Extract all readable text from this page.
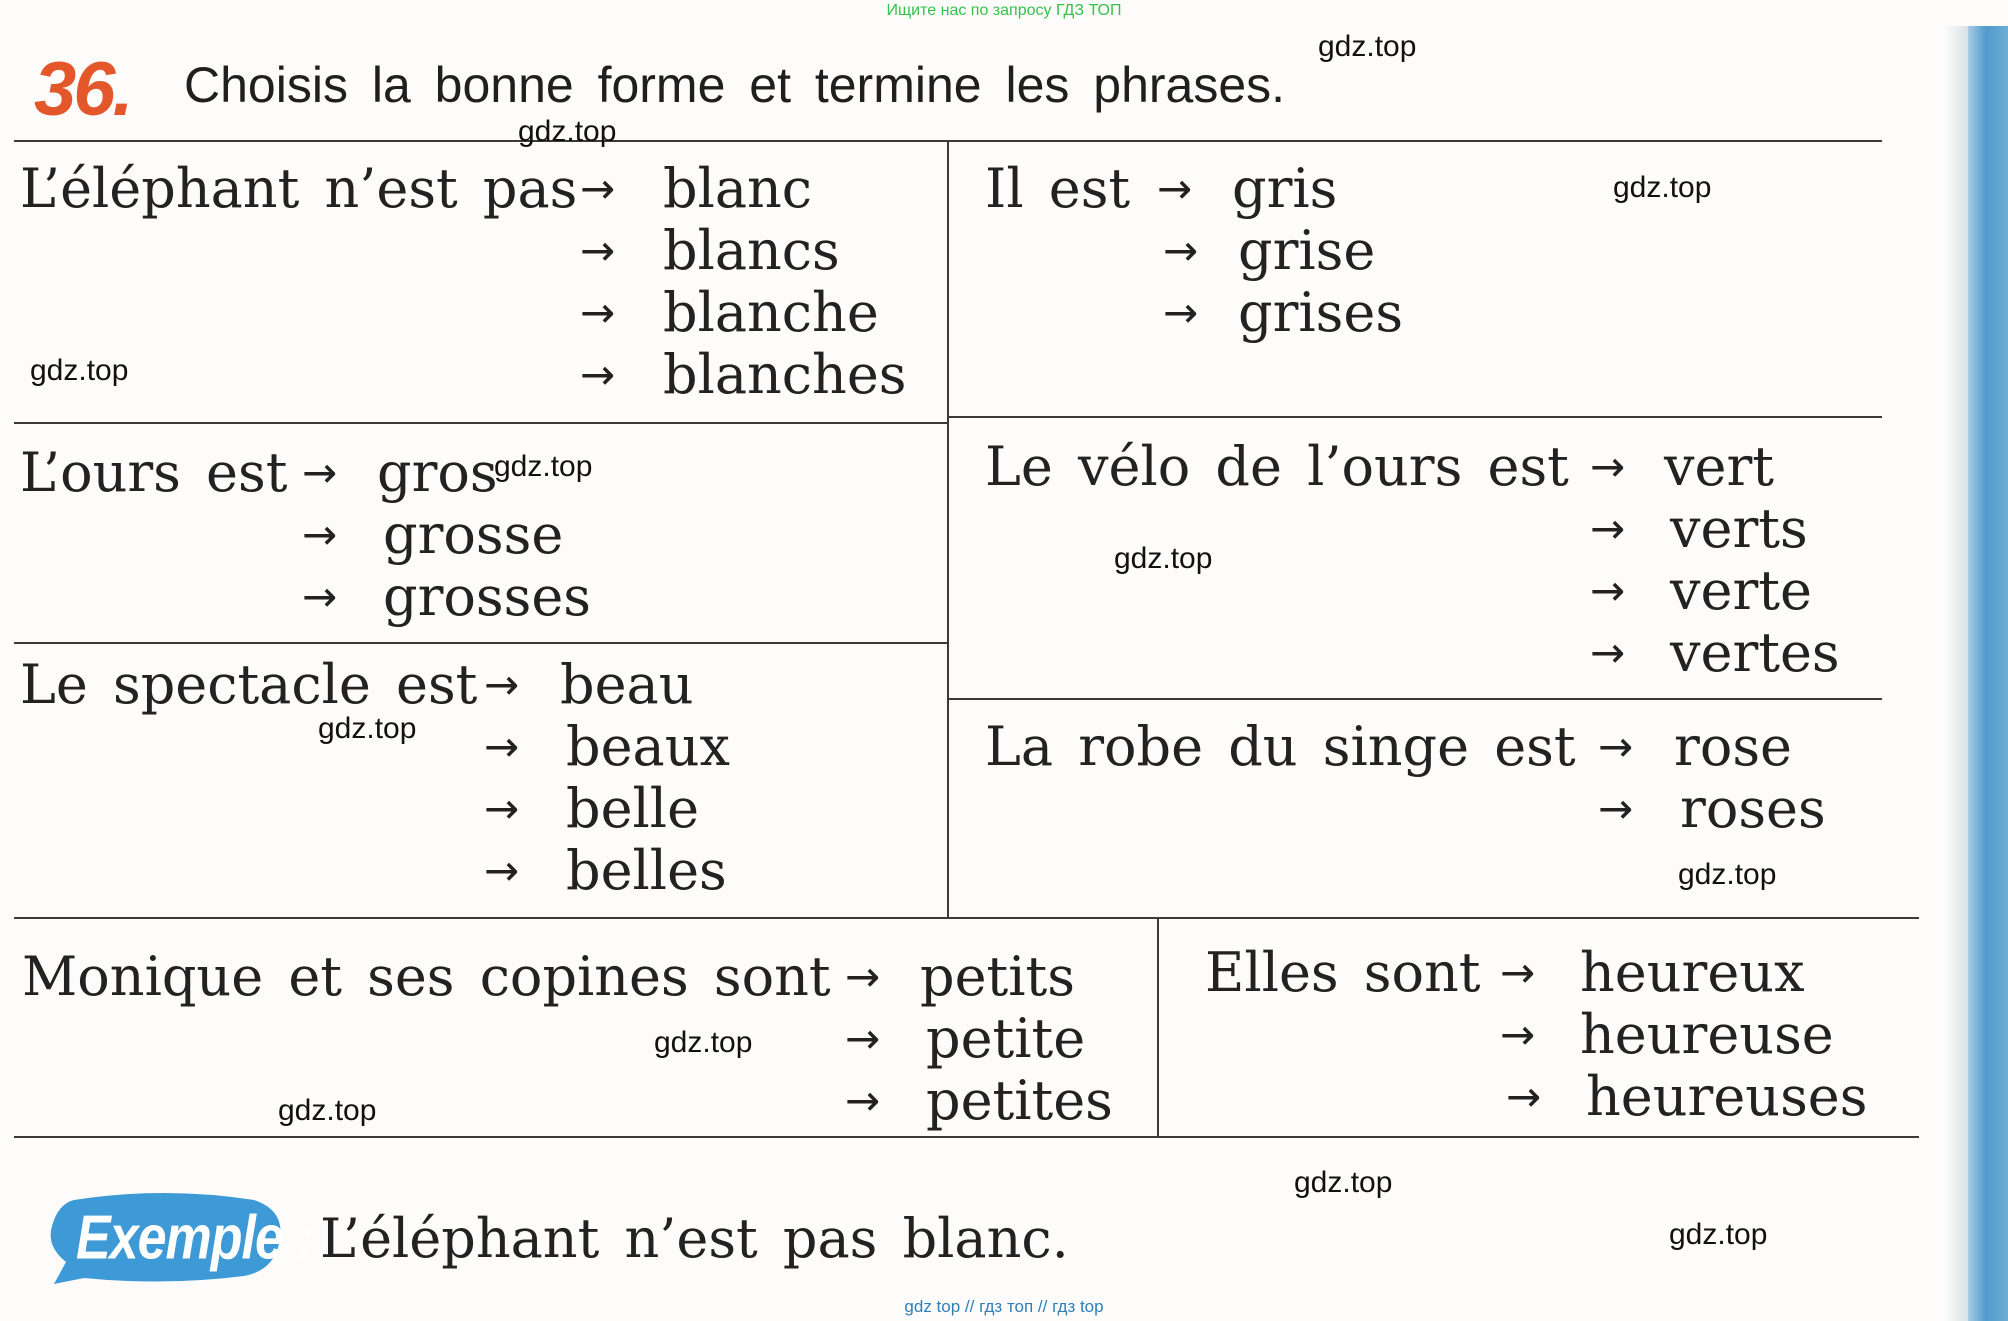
Ищите нас по запросу ГДЗ ТОП
36. Choisis la bonne forme et termine les phrases.
L’éléphant n’est pas → blanc
→ blancs
→ blanche
→ blanches
Il est → gris
→ grise
→ grises
L’ours est → gros
→ grosse
→ grosses
Le vélo de l’ours est → vert
→ verts
→ verte
→ vertes
Le spectacle est → beau
→ beaux
→ belle
→ belles
La robe du singe est → rose
→ roses
Monique et ses copines sont → petits
→ petite
→ petites
Elles sont → heureux
→ heureuse
→ heureuses
Exemple : L’éléphant n’est pas blanc.
gdz.top
gdz.top
gdz.top
gdz.top
gdz.top
gdz.top
gdz.top
gdz.top
gdz.top
gdz.top
gdz.top
gdz.top
gdz top // гдз топ // гдз top
